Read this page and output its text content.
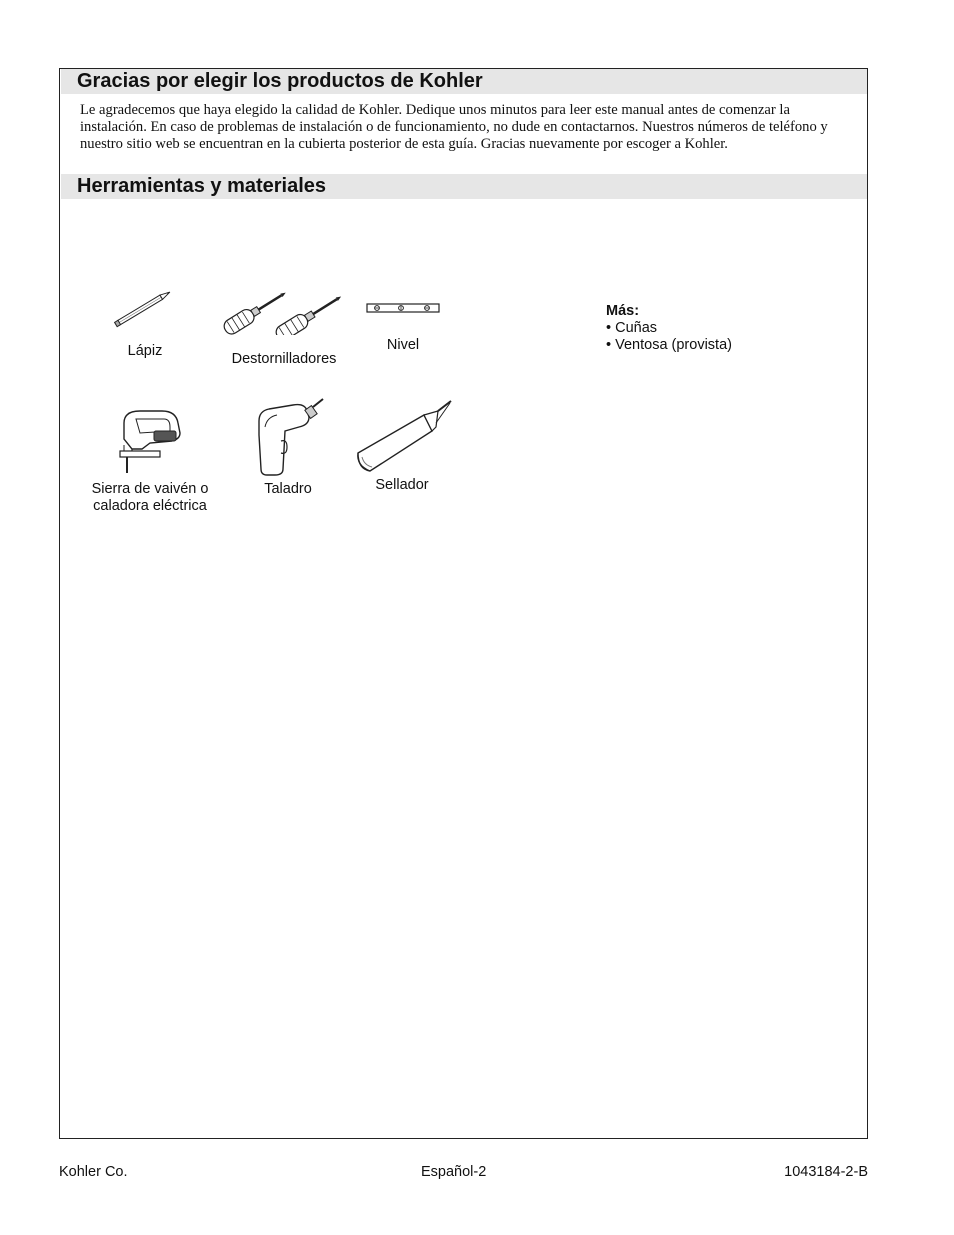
Gracias por elegir los productos de Kohler

Le agradecemos que haya elegido la calidad de Kohler. Dedique unos minutos para leer este manual antes de comenzar la instalación. En caso de problemas de instalación o de funcionamiento, no dude en contactarnos. Nuestros números de teléfono y nuestro sitio web se encuentran en la cubierta posterior de esta guía. Gracias nuevamente por escoger a Kohler.

Herramientas y materiales
Lápiz	Destornilladores
Nivel
Sierra de vaivén o caladora eléctrica
Taladro	Sellador
Más:
• Cuñas
• Ventosa (provista)
Kohler Co.	Español-2	1043184-2-B
